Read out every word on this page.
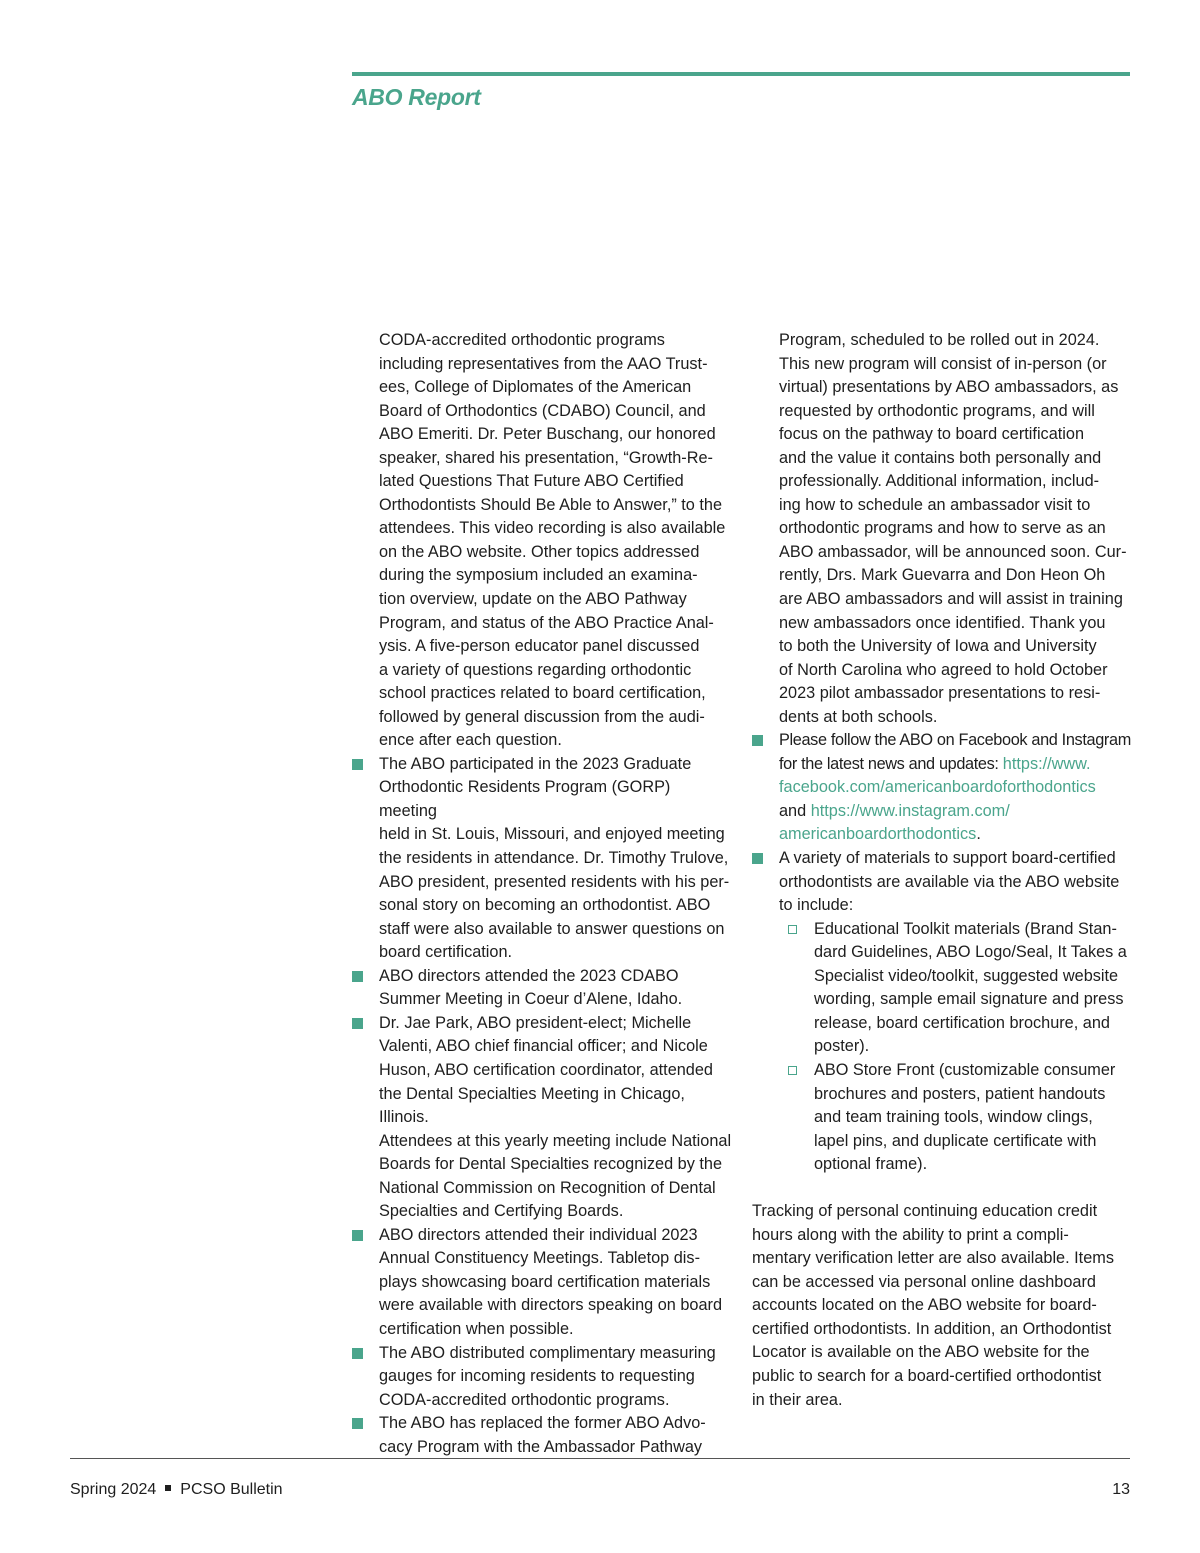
ABO Report

CODA-accredited orthodontic programs
including representatives from the AAO Trust-
ees, College of Diplomates of the American
Board of Orthodontics (CDABO) Council, and
ABO Emeriti. Dr. Peter Buschang, our honored
speaker, shared his presentation, “Growth-Re-
lated Questions That Future ABO Certified
Orthodontists Should Be Able to Answer,” to the
attendees. This video recording is also available
on the ABO website. Other topics addressed
during the symposium included an examina-
tion overview, update on the ABO Pathway
Program, and status of the ABO Practice Anal-
ysis. A five-person educator panel discussed
a variety of questions regarding orthodontic
school practices related to board certification,
followed by general discussion from the audi-
ence after each question.

The ABO participated in the 2023 Graduate
Orthodontic Residents Program (GORP) meeting
held in St. Louis, Missouri, and enjoyed meeting
the residents in attendance. Dr. Timothy Trulove,
ABO president, presented residents with his per-
sonal story on becoming an orthodontist. ABO
staff were also available to answer questions on
board certification.
ABO directors attended the 2023 CDABO
Summer Meeting in Coeur d’Alene, Idaho.
Dr. Jae Park, ABO president-elect; Michelle
Valenti, ABO chief financial officer; and Nicole
Huson, ABO certification coordinator, attended
the Dental Specialties Meeting in Chicago, Illinois.
Attendees at this yearly meeting include National
Boards for Dental Specialties recognized by the
National Commission on Recognition of Dental
Specialties and Certifying Boards.
ABO directors attended their individual 2023
Annual Constituency Meetings. Tabletop dis-
plays showcasing board certification materials
were available with directors speaking on board
certification when possible.
The ABO distributed complimentary measuring
gauges for incoming residents to requesting
CODA-accredited orthodontic programs.
The ABO has replaced the former ABO Advo-
cacy Program with the Ambassador Pathway

Program, scheduled to be rolled out in 2024.
This new program will consist of in-person (or
virtual) presentations by ABO ambassadors, as
requested by orthodontic programs, and will
focus on the pathway to board certification
and the value it contains both personally and
professionally. Additional information, includ-
ing how to schedule an ambassador visit to
orthodontic programs and how to serve as an
ABO ambassador, will be announced soon. Cur-
rently, Drs. Mark Guevarra and Don Heon Oh
are ABO ambassadors and will assist in training
new ambassadors once identified. Thank you
to both the University of Iowa and University
of North Carolina who agreed to hold October
2023 pilot ambassador presentations to resi-
dents at both schools.

Please follow the ABO on Facebook and Instagram
for the latest news and updates: https://www.
facebook.com/americanboardoforthodontics
and https://www.instagram.com/
americanboardorthodontics.
A variety of materials to support board-certified
orthodontists are available via the ABO website
to include:
Educational Toolkit materials (Brand Stan-
dard Guidelines, ABO Logo/Seal, It Takes a
Specialist video/toolkit, suggested website
wording, sample email signature and press
release, board certification brochure, and
poster).
ABO Store Front (customizable consumer
brochures and posters, patient handouts
and team training tools, window clings,
lapel pins, and duplicate certificate with
optional frame).

Tracking of personal continuing education credit
hours along with the ability to print a compli-
mentary verification letter are also available. Items
can be accessed via personal online dashboard
accounts located on the ABO website for board-
certified orthodontists. In addition, an Orthodontist
Locator is available on the ABO website for the
public to search for a board-certified orthodontist
in their area.

Spring 2024 PCSO Bulletin	13
